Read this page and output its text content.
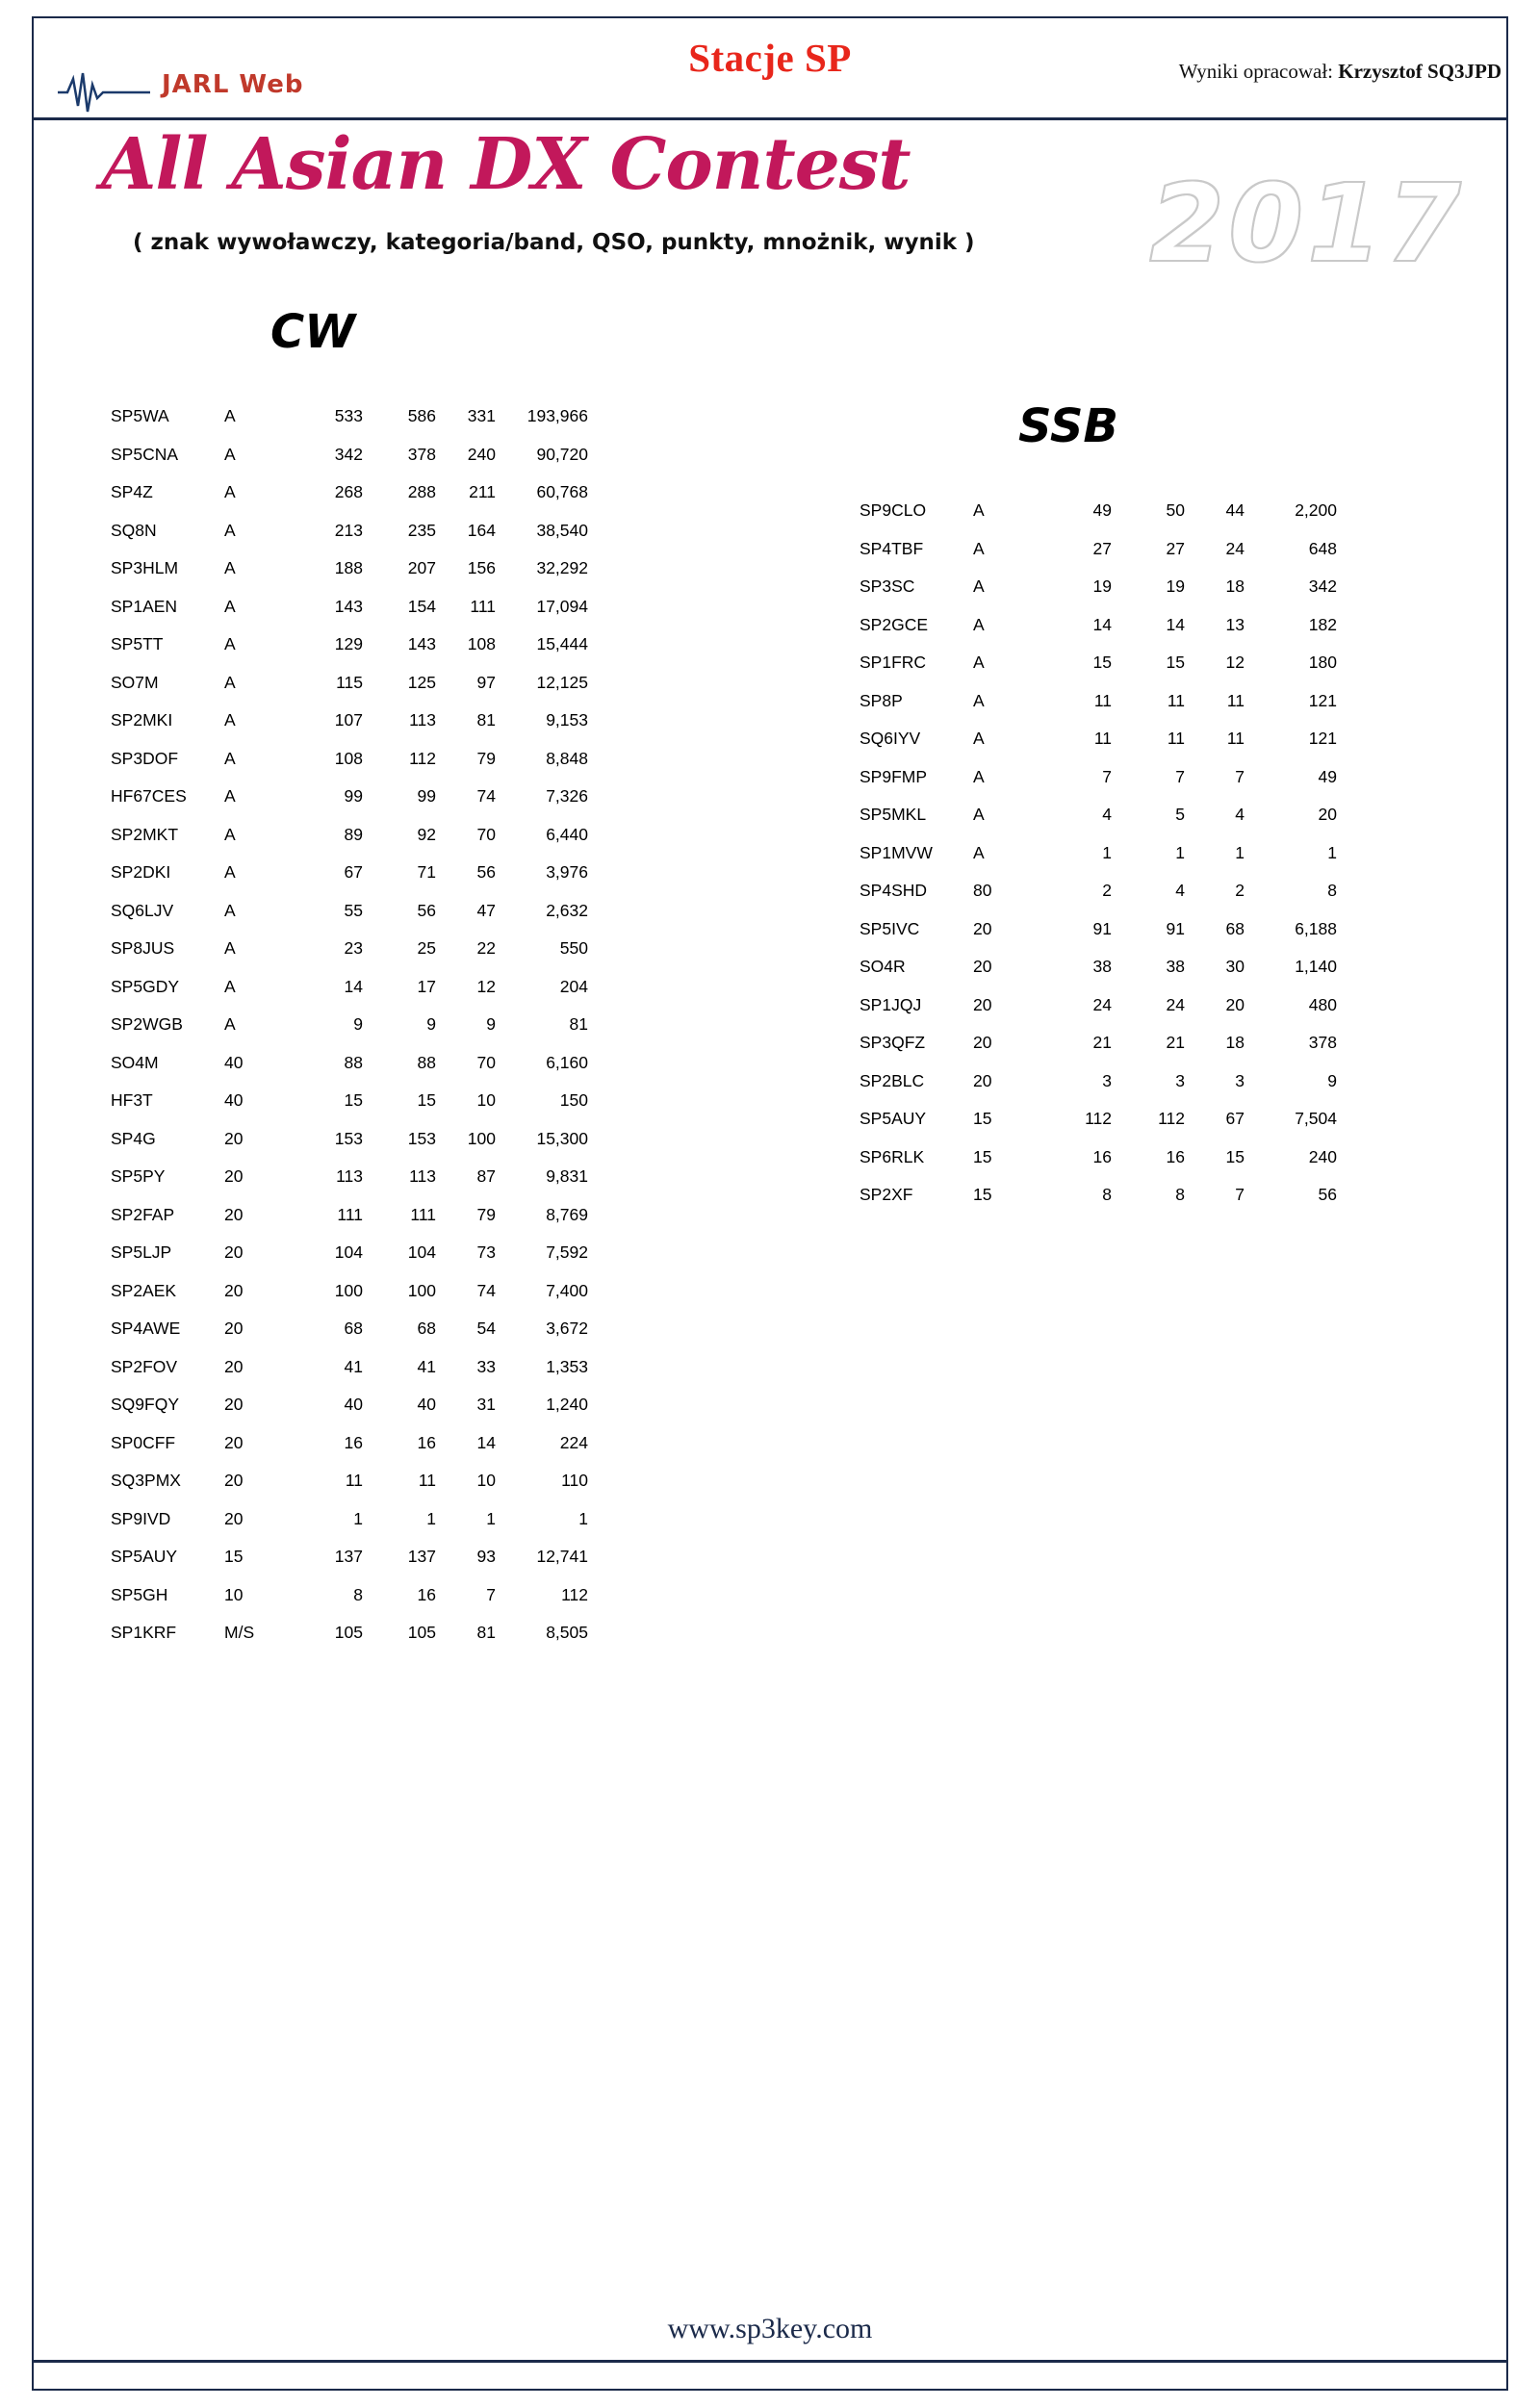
JARL Web
Stacje SP	Wyniki opracował: Krzysztof SQ3JPD
2017
All Asian DX Contest
( znak wywoławczy, kategoria/band, QSO, punkty, mnożnik, wynik )
CW
SSB
SP5WA	A	533	586	331	193,966
SP5CNA	A	342	378	240	90,720
SP4Z	A	268	288	211	60,768
SQ8N	A	213	235	164	38,540
SP3HLM	A	188	207	156	32,292
SP1AEN	A	143	154	111	17,094
SP5TT	A	129	143	108	15,444
SO7M	A	115	125	97	12,125
SP2MKI	A	107	113	81	9,153
SP3DOF	A	108	112	79	8,848
HF67CES	A	99	99	74	7,326
SP2MKT	A	89	92	70	6,440
SP2DKI	A	67	71	56	3,976
SQ6LJV	A	55	56	47	2,632
SP8JUS	A	23	25	22	550
SP5GDY	A	14	17	12	204
SP2WGB	A	9	9	9	81
SO4M	40	88	88	70	6,160
HF3T	40	15	15	10	150
SP4G	20	153	153	100	15,300
SP5PY	20	113	113	87	9,831
SP2FAP	20	111	111	79	8,769
SP5LJP	20	104	104	73	7,592
SP2AEK	20	100	100	74	7,400
SP4AWE	20	68	68	54	3,672
SP2FOV	20	41	41	33	1,353
SQ9FQY	20	40	40	31	1,240
SP0CFF	20	16	16	14	224
SQ3PMX	20	11	11	10	110
SP9IVD	20	1	1	1	1
SP5AUY	15	137	137	93	12,741
SP5GH	10	8	16	7	112
SP1KRF	M/S	105	105	81	8,505
SP9CLO	A	49	50	44	2,200
SP4TBF	A	27	27	24	648
SP3SC	A	19	19	18	342
SP2GCE	A	14	14	13	182
SP1FRC	A	15	15	12	180
SP8P	A	11	11	11	121
SQ6IYV	A	11	11	11	121
SP9FMP	A	7	7	7	49
SP5MKL	A	4	5	4	20
SP1MVW	A	1	1	1	1
SP4SHD	80	2	4	2	8
SP5IVC	20	91	91	68	6,188
SO4R	20	38	38	30	1,140
SP1JQJ	20	24	24	20	480
SP3QFZ	20	21	21	18	378
SP2BLC	20	3	3	3	9
SP5AUY	15	112	112	67	7,504
SP6RLK	15	16	16	15	240
SP2XF	15	8	8	7	56
www.sp3key.com
